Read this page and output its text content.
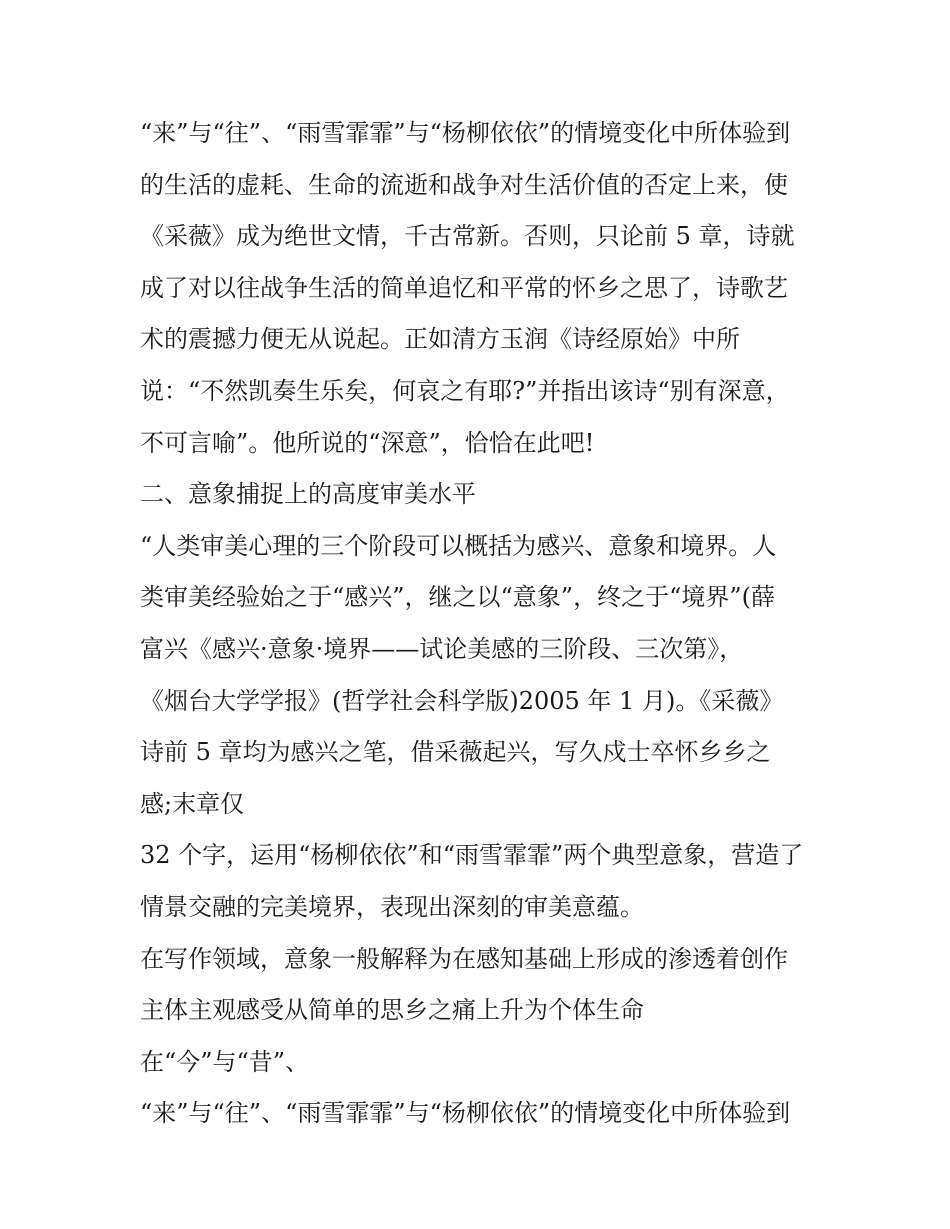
“来”与“往”、“雨雪霏霏”与“杨柳依依”的情境变化中所体验到
的生活的虚耗、生命的流逝和战争对生活价值的否定上来，使
《采薇》成为绝世文情，千古常新。否则，只论前 5 章，诗就
成了对以往战争生活的简单追忆和平常的怀乡之思了，诗歌艺
术的震撼力便无从说起。正如清方玉润《诗经原始》中所
说：“不然凯奏生乐矣，何哀之有耶?”并指出该诗“别有深意，
不可言喻”。他所说的“深意”，恰恰在此吧!
二、意象捕捉上的高度审美水平
“人类审美心理的三个阶段可以概括为感兴、意象和境界。人
类审美经验始之于“感兴”，继之以“意象”，终之于“境界”(薛
富兴《感兴·意象·境界——试论美感的三阶段、三次第》，
《烟台大学学报》(哲学社会科学版)2005 年 1 月)。《采薇》
诗前 5 章均为感兴之笔，借采薇起兴，写久戍士卒怀乡乡之
感;末章仅
32 个字，运用“杨柳依依”和“雨雪霏霏”两个典型意象，营造了
情景交融的完美境界，表现出深刻的审美意蕴。
在写作领域，意象一般解释为在感知基础上形成的渗透着创作
主体主观感受从简单的思乡之痛上升为个体生命
在“今”与“昔”、
“来”与“往”、“雨雪霏霏”与“杨柳依依”的情境变化中所体验到
